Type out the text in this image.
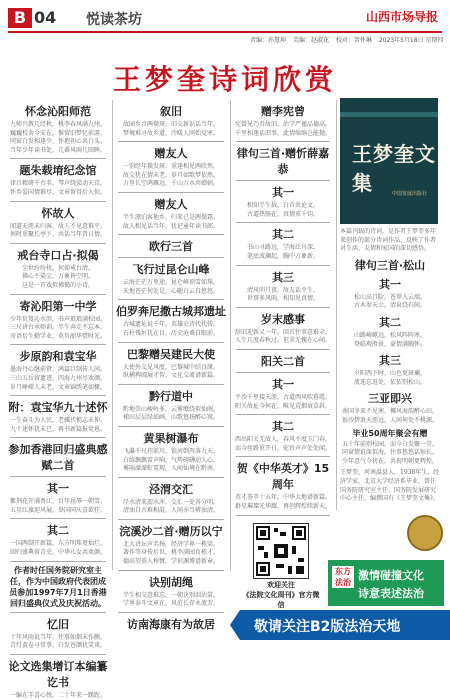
B 04 悦读茶坊	山西市场导报
责编：孙慧坤 美编：赵淑花 校对：贺怀琳 2023年5月18日 星期四
王梦奎诗词欣赏
怀念沁阳师范

九师兴教几经秋，桃李春风满九州。

巍巍校舍今安在，惟留旧梦忆前游。

同窗白发相逢少，怀抱初心共白头。

当年少年读书处，几番风雨几回眸。

题朱载堉纪念馆

律吕精研千古名，琴声绕梁动天京。

怀乡爱国情难尽，文章留得后人惊。

怀故人

闻道天涯未归客，故人不见意难平。

何时重聚长亭下，共话当年昔日情。

戒台寺口占·拟偈

尘世纷纷扰，何如戒台清。

佛心不染尘，万象皆空明。

这是一首戏拟佛偈的小诗。

寄沁阳第一中学

少年负笈沁水滨，书声琅琅满校园。

三尺讲台承师训，半生奔走不忘本。

寄语后生勤学业，莫负韶华惜时光。

步原韵和袁宝华

墨海丹心继前贤，鸿篇巨制传人间。

三山五岳留遗迹，四海九州尽欢颜。

岁月峥嵘人未老，文章锦绣笔如椽。

附：袁宝华九十述怀

一生奋斗为人民，老骥伏枥志未伸。

九十述怀犹未已，再书新篇报党恩。

参加香港回归盛典感赋二首
其一

紫荆花开满香江，百年屈辱一朝雪。

五星红旗迎风展，举国同庆喜欲狂。

其二

一国两制开新篇，东方明珠更灿烂。

回归盛典留青史，中华儿女共欢颜。

作者时任国务院研究室主任，作为中国政府代表团成员参加1997年7月1日香港回归盛典仪式及庆祝活动。
忆旧

十年风雨说当年，往事如烟未作删。

青灯黄卷寻常事，白发苍颜犹笑谈。

论文选集增订本编纂讫书

一编在手喜心悦，二十年来一蹉跎。

叙旧

故园乡音两鬓斑，旧交新识话当年。

梦境难寻故乡道，冷暖人间始觉寒。

赠友人

一别经年鬓发斑，重逢相见两欣然。

故交犹在情未老，岁月如歌梦依然。

万里长空鸿雁远，千山万水共婵娟。

赠友人

半生漂泊客他乡，归来已是两鬓霜。

故人相见话当年，犹记童年读书郎。

欧行三首
飞行过昆仑山峰

云海茫茫万里途，昆仑峰顶雪如珠。

天地苍茫何处是，心随白云自悠悠。

伯罗奔尼撒古城邦遗址

古城遗址说千年，英雄史诗代代传。

石柱残垣犹在目，历史沧桑自眼前。

巴黎赠吴建民大使

大使外交见风度，巴黎城中结良缘。

纵横捭阖展才智，文化交流谱新篇。

黔行道中

黔地崇山峻岭多，云雾缭绕似仙阁。

梯田层层绿如画，山歌悠扬醉心窝。

黄果树瀑布

飞瀑千尺挂前川，银河倒泻落九天。

白练飘飘雷声响，气势磅礴动人心。

雾雨濛濛虹霓现，人间仙境在黔南。

泾渭交汇

泾水清来渭水浑，交汇一处各分明。

清浊自古难相混，人间亦当辨浊清。

浣溪沙二首·赠历以宁

北大讲坛声名扬，经济学界一栋梁。

著作等身传后世，桃李满园育栋才。

德高望重人称赞，学识渊博谱新章。

诀别胡绳

半生相交意难忘，一朝诀别泪沾裳。

学界泰斗文章在，风范长存永流芳。

访南海康有为故居
赠李宪曾

宪曾兄乃吾故旧，治学严谨品德高。

千里相逢话旧事，此情绵绵岂能抛。

律句三首·赠忻薛嘉恭
其一

相知半生载，白首共论文。

古道热肠在，真情重千钧。

其二

书山寻路远，学海泛舟深。

笔底波澜起，胸中万象新。

其三

清风明月夜，故友话平生。

世事多风雨，相知见真情。

岁末感事

辞旧迎新又一年，回首往事意难全。

人生几度春秋过，但求无愧在心间。

阳关二首
其一

平沙千里接天涯，古道西风吹暮霞。

阳关故址今何在，唯见荒烟衰草斜。

其二

西出阳关无故人，春风不度玉门春。

而今丝路重开日，驼铃声声处处闻。

贺《中华英才》15周年

英才荟萃十五年，中华大地谱新篇。

群星璀璨光华耀，再创辉煌续新天。

王梦奎文集	中国发展出版社

本篇刊载的诗词，是作者王梦奎多年来创作的部分诗词作品，反映了作者对生活、友情和家国的深切感悟。

律句三首·松山
其一

松山高且险，苍翠入云端。

古木参天立，清泉绕石间。

其二

山路崎岖远，松风阵阵寒。

登临观胜景，豪情满胸怀。

其三

夕阳西下时，山色更斑斓。

流连忘返处，依依别松山。

三亚即兴

南国冬来不见寒，椰风海韵醉心田。

银沙碧浪天涯远，人间何处不桃源。

毕业50周年聚会有赠

五十年前别校园，而今白发聚一堂。

同窗情谊深似海，往事悠悠话短长。

少年意气今犹在，共祝明朝更辉煌。

王梦奎，河南温县人，1938年生，经济学家，北京大学经济系毕业，曾任国务院研究室主任、国务院发展研究中心主任，编撰国有《王梦奎文集》。

欢迎关注
《法院文化周刊》官方微信
东方法治
激情碰撞文化
诗意表述法治
敬请关注B2版法治天地
